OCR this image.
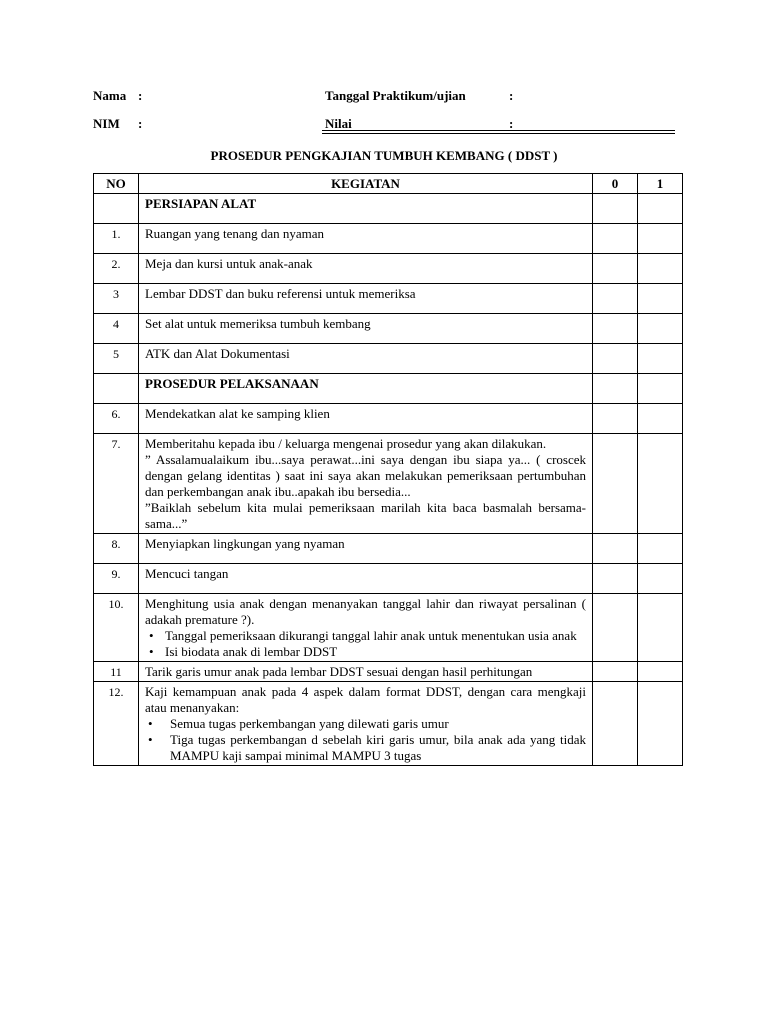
Nama :	Tanggal Praktikum/ujian	:
NIM :	Nilai	:
PROSEDUR PENGKAJIAN TUMBUH KEMBANG ( DDST )
NO	KEGIATAN	0	1
	PERSIAPAN ALAT		
1.	Ruangan yang tenang dan nyaman		
2.	Meja dan kursi untuk anak-anak		
3	Lembar DDST dan buku referensi untuk memeriksa		
4	Set alat untuk memeriksa tumbuh kembang		
5	ATK dan Alat Dokumentasi		
	PROSEDUR PELAKSANAAN		
6.	Mendekatkan alat ke samping klien		
7.	Memberitahu kepada ibu / keluarga mengenai prosedur yang akan dilakukan.
” Assalamualaikum ibu...saya perawat...ini saya dengan ibu siapa ya... ( croscek dengan gelang identitas ) saat ini saya akan melakukan pemeriksaan pertumbuhan dan perkembangan anak ibu..apakah ibu bersedia...
”Baiklah sebelum kita mulai pemeriksaan marilah kita baca basmalah bersama- sama...”		

8.	Menyiapkan lingkungan yang nyaman		
9.	Mencuci tangan		
10.	Menghitung usia anak dengan menanyakan tanggal lahir dan riwayat persalinan ( adakah premature ?).
• Tanggal pemeriksaan dikurangi tanggal lahir anak untuk menentukan usia anak
• Isi biodata anak di lembar DDST

11	Tarik garis umur anak pada lembar DDST sesuai dengan hasil perhitungan		
12.	Kaji kemampuan anak pada 4 aspek dalam format DDST, dengan cara mengkaji atau menanyakan:
• Semua tugas perkembangan yang dilewati garis umur
• Tiga tugas perkembangan d sebelah kiri garis umur, bila anak ada yang tidak MAMPU kaji sampai minimal MAMPU 3 tugas
